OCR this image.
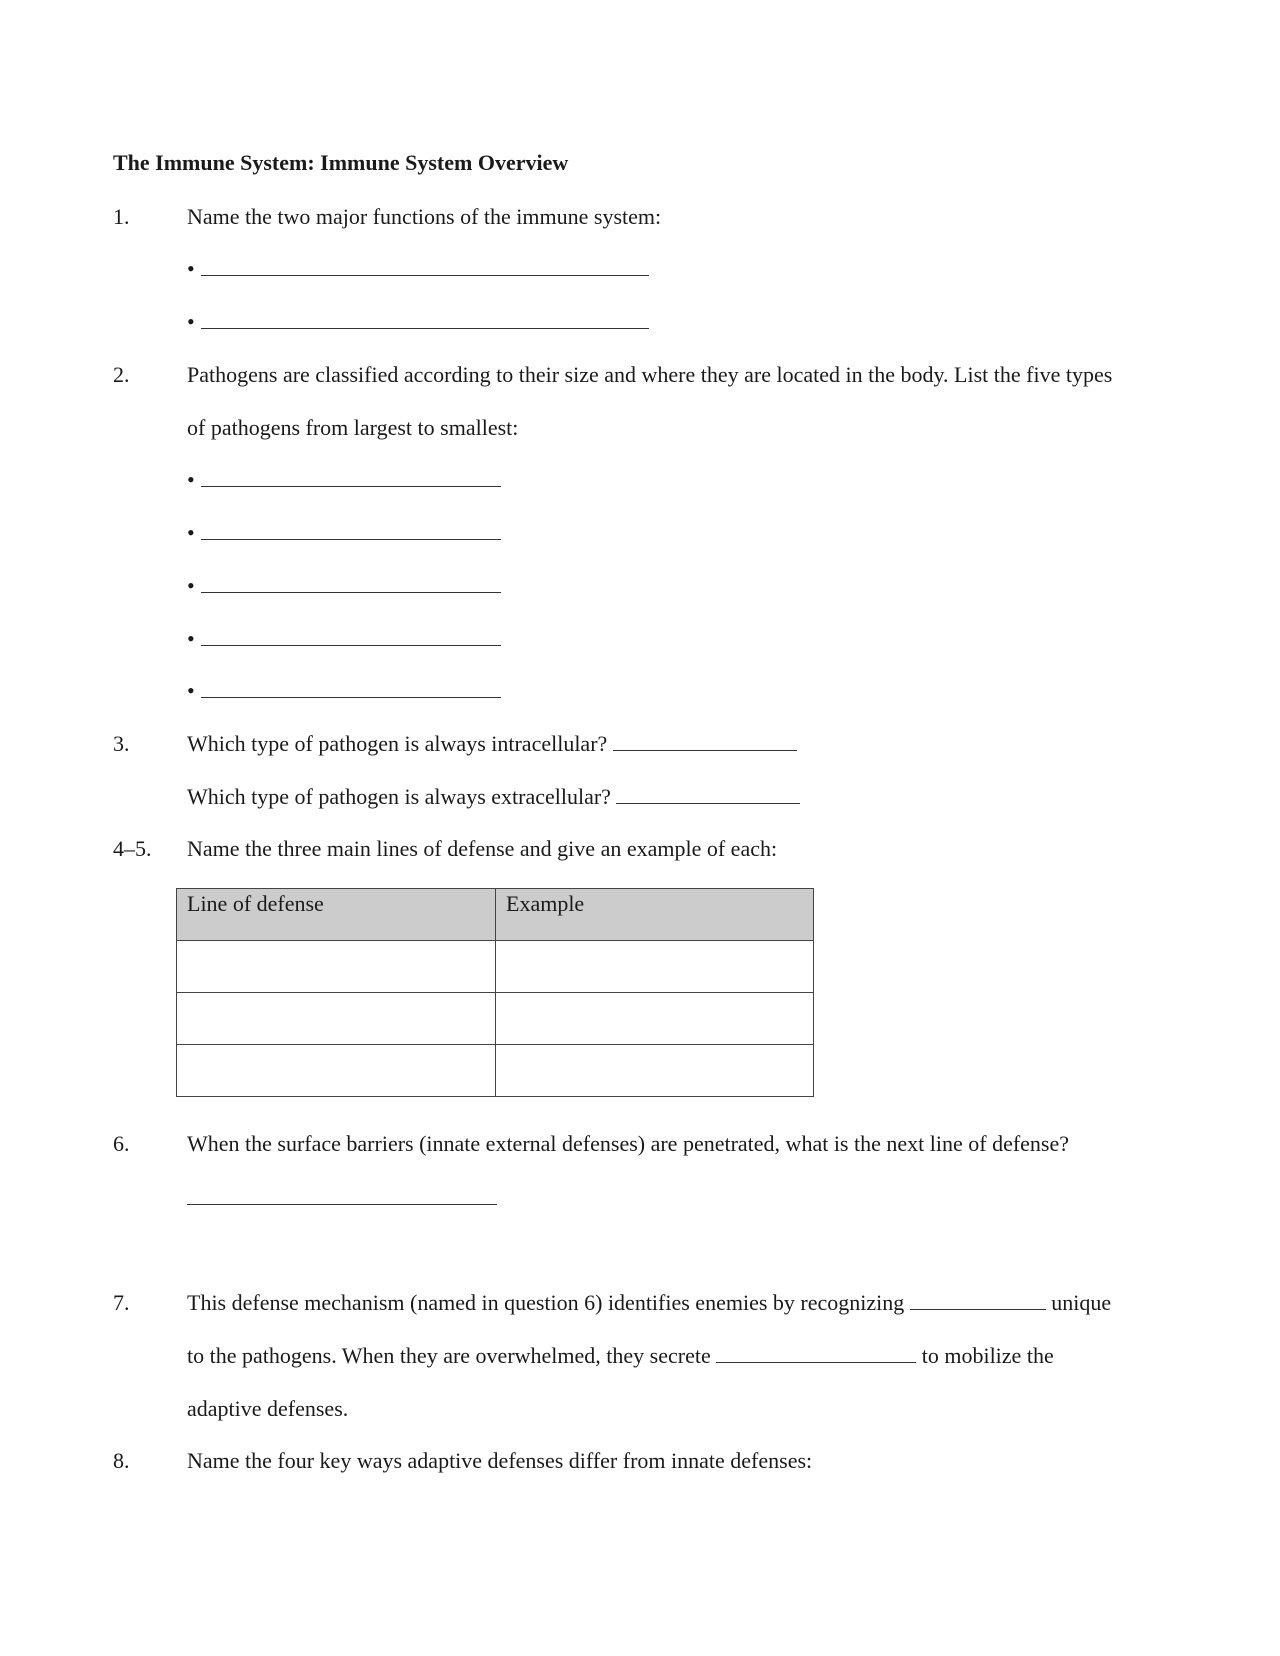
The Immune System: Immune System Overview
1.	Name the two major functions of the immune system:
•
•
2.	Pathogens are classified according to their size and where they are located in the body. List the five types
of pathogens from largest to smallest:
•
•
•
•
•
3.	Which type of pathogen is always intracellular?
Which type of pathogen is always extracellular?
4–5. Name the three main lines of defense and give an example of each:
Line of defense	Example

6.	When the surface barriers (innate external defenses) are penetrated, what is the next line of defense?
7.	This defense mechanism (named in question 6) identifies enemies by recognizing	unique
to the pathogens. When they are overwhelmed, they secrete	to mobilize the
adaptive defenses.
8.	Name the four key ways adaptive defenses differ from innate defenses:
